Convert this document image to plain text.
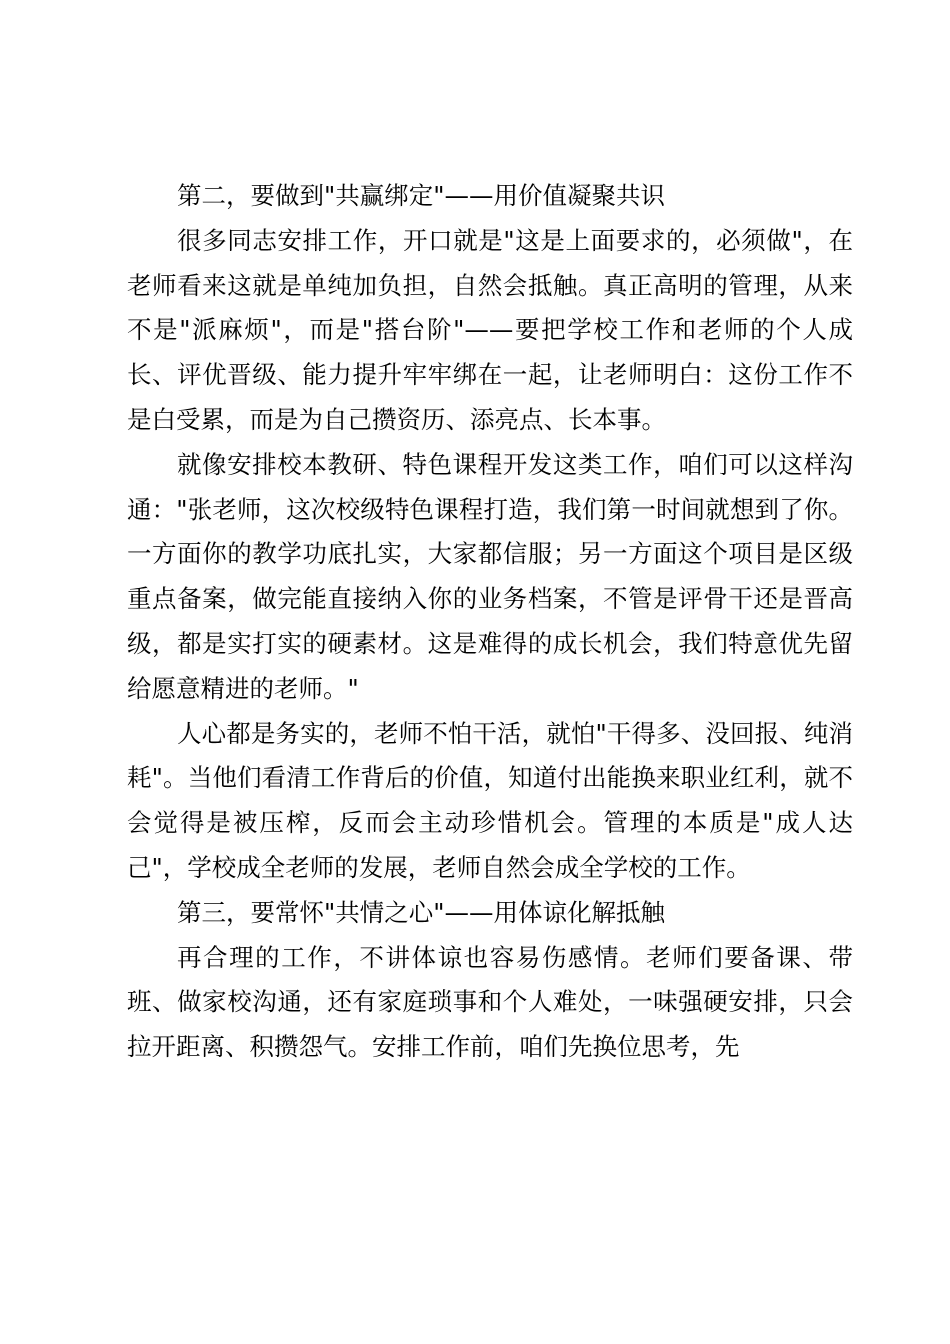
第二，要做到"共赢绑定"——用价值凝聚共识

很多同志安排工作，开口就是"这是上面要求的，必须做"，在老师看来这就是单纯加负担，自然会抵触。真正高明的管理，从来不是"派麻烦"，而是"搭台阶"——要把学校工作和老师的个人成长、评优晋级、能力提升牢牢绑在一起，让老师明白：这份工作不是白受累，而是为自己攒资历、添亮点、长本事。

就像安排校本教研、特色课程开发这类工作，咱们可以这样沟通："张老师，这次校级特色课程打造，我们第一时间就想到了你。一方面你的教学功底扎实，大家都信服；另一方面这个项目是区级重点备案，做完能直接纳入你的业务档案，不管是评骨干还是晋高级，都是实打实的硬素材。这是难得的成长机会，我们特意优先留给愿意精进的老师。"

人心都是务实的，老师不怕干活，就怕"干得多、没回报、纯消耗"。当他们看清工作背后的价值，知道付出能换来职业红利，就不会觉得是被压榨，反而会主动珍惜机会。管理的本质是"成人达己"，学校成全老师的发展，老师自然会成全学校的工作。

第三，要常怀"共情之心"——用体谅化解抵触

再合理的工作，不讲体谅也容易伤感情。老师们要备课、带班、做家校沟通，还有家庭琐事和个人难处，一味强硬安排，只会拉开距离、积攒怨气。安排工作前，咱们先换位思考，先
